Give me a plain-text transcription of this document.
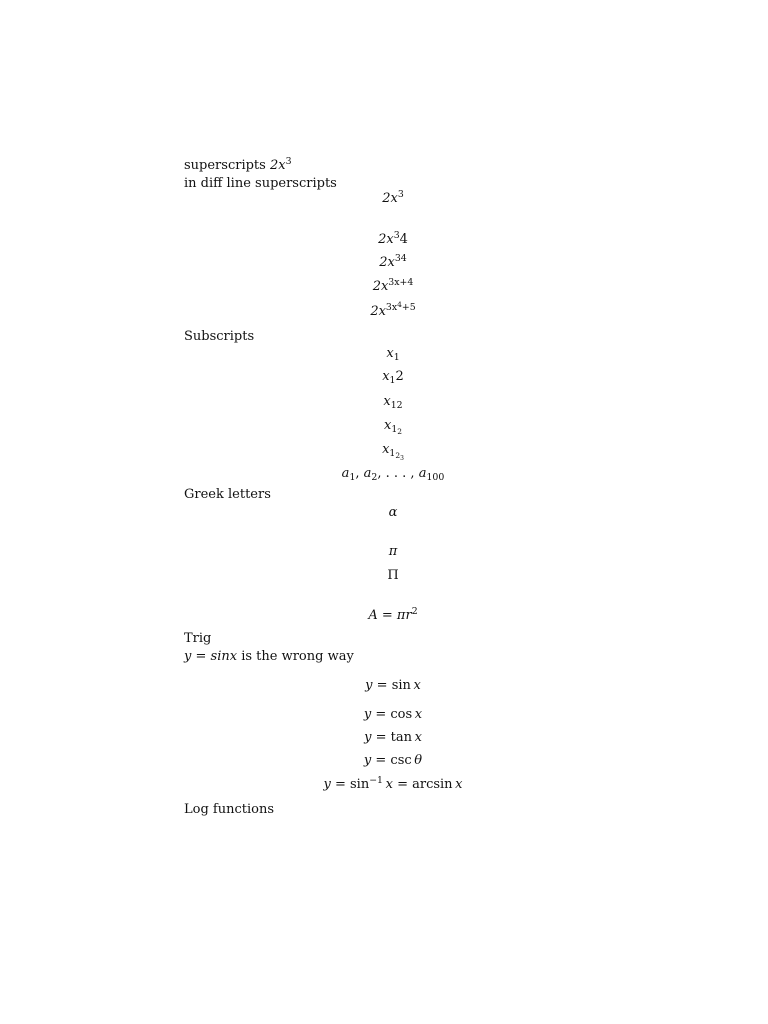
superscripts $2x^3$
in diff line superscripts
$2x^3$
$2x^34$
$2x^{34}$
$2x^{3x+4}$
$2x^{3x^4+5}$
Subscripts
$x_1$
$x_12$
$x_{12}$
$x_{1_2}$
$x_{1_{2_3}}$
$a_1$, $a_2$, . . . , $a_{100}$
Greek letters
α
π
Π
$A = \pi r^2$
Trig
y = sinx is the wrong way
y = sin  x
y = cos  x
y = tan  x
y = csc  θ
$y = \sin^{-1} x = \arcsin x$
Log functions
